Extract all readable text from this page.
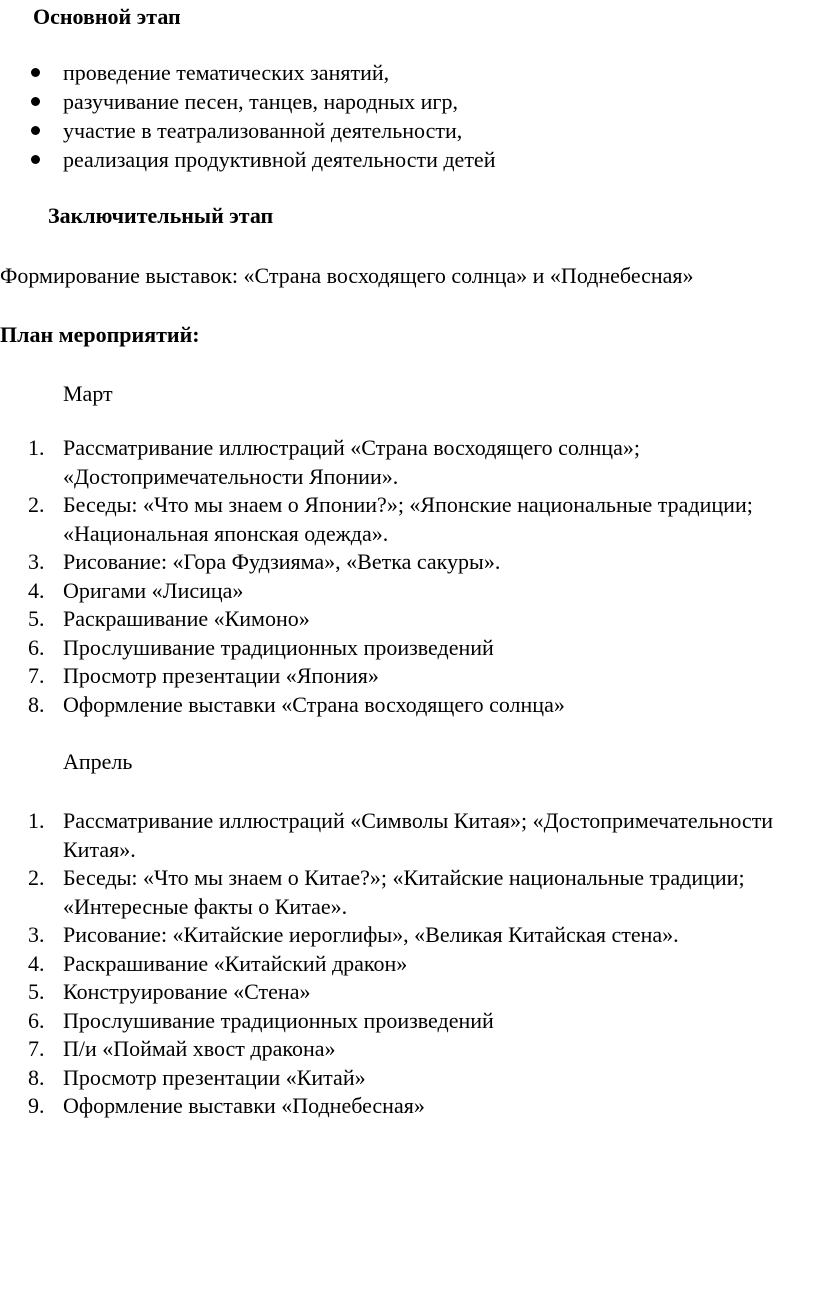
Основной этап
проведение тематических занятий,
разучивание песен, танцев, народных игр,
участие в театрализованной деятельности,
реализация продуктивной деятельности детей
Заключительный этап

Формирование выставок: «Страна восходящего солнца» и «Поднебесная»

План мероприятий:

Март

1. Рассматривание иллюстраций «Страна восходящего солнца»; «Достопримечательности Японии».
2. Беседы: «Что мы знаем о Японии?»; «Японские национальные традиции; «Национальная японская одежда».
3. Рисование: «Гора Фудзияма», «Ветка сакуры».
4. Оригами «Лисица»
5. Раскрашивание «Кимоно»
6. Прослушивание традиционных произведений
7. Просмотр презентации «Япония»
8. Оформление выставки «Страна восходящего солнца»

Апрель

1. Рассматривание иллюстраций «Символы Китая»; «Достопримечательности Китая».
2. Беседы: «Что мы знаем о Китае?»; «Китайские национальные традиции; «Интересные факты о Китае».
3. Рисование: «Китайские иероглифы», «Великая Китайская стена».
4. Раскрашивание «Китайский дракон»
5. Конструирование «Стена»
6. Прослушивание традиционных произведений
7. П/и «Поймай хвост дракона»
8. Просмотр презентации «Китай»
9. Оформление выставки «Поднебесная»
